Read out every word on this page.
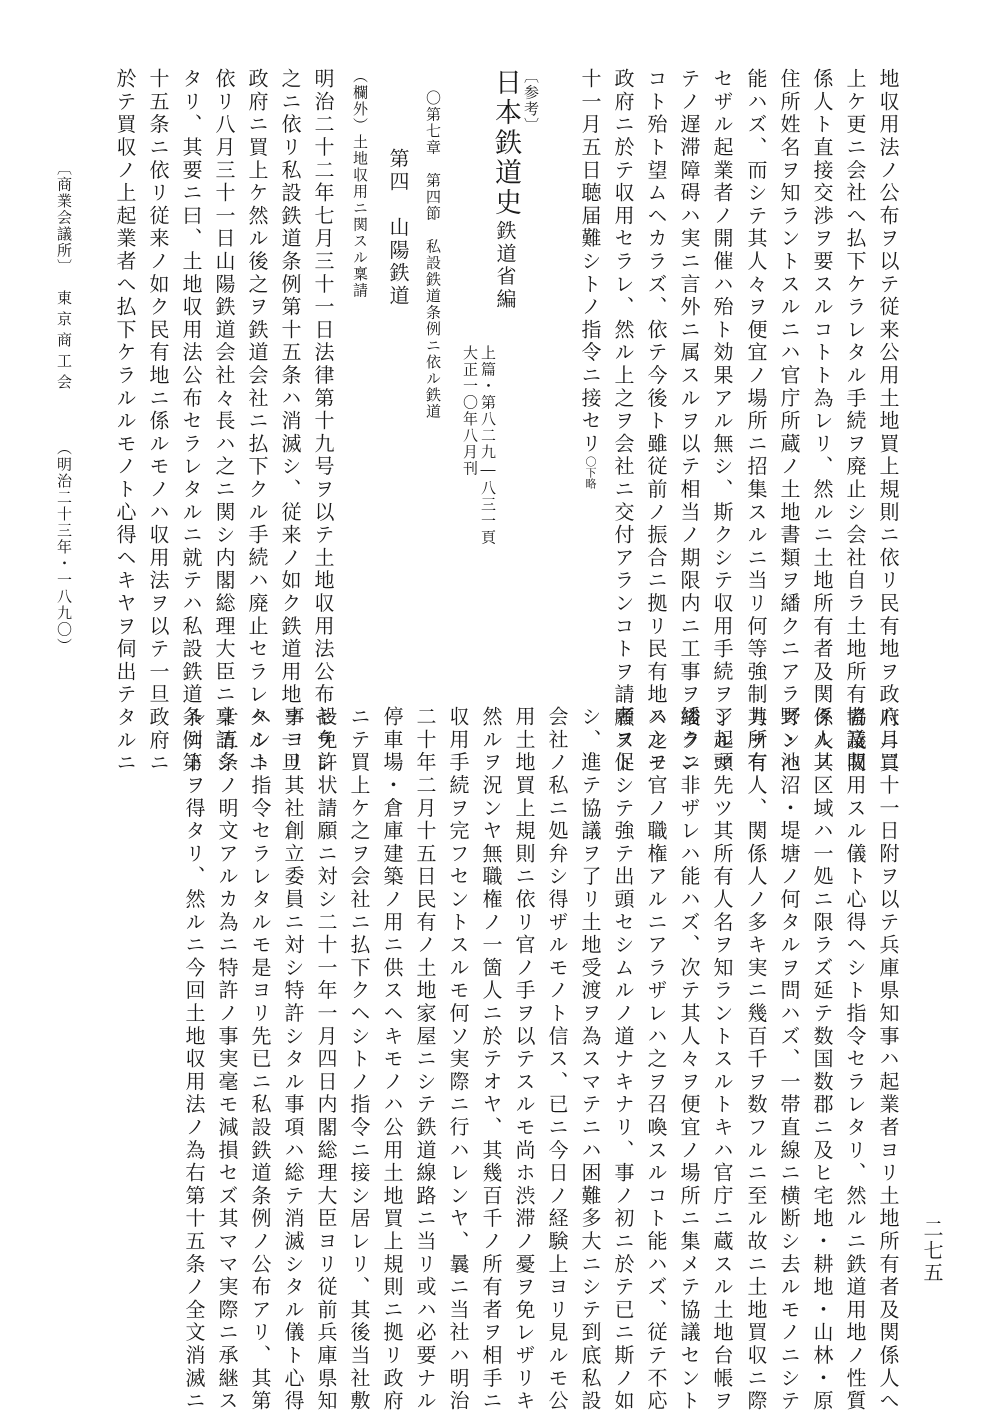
地収用法ノ公布ヲ以テ従来公用土地買上規則ニ依リ民有地ヲ政府ニ買
上ケ更ニ会社へ払下ケラレタル手続ヲ廃止シ会社自ラ土地所有者及関
係人ト直接交渉ヲ要スルコトト為レリ、然ルニ土地所有者及関係人ノ
住所姓名ヲ知ラントスルニハ官庁所蔵ノ土地書類ヲ繙クニアラズンハ
能ハズ、而シテ其人々ヲ便宜ノ場所ニ招集スルニ当リ何等強制力ヲ有
セザル起業者ノ開催ハ殆ト効果アル無シ、斯クシテ収用手続ヲ了ルマ
テノ遅滞障碍ハ実ニ言外ニ属スルヲ以テ相当ノ期限内ニ工事ヲ竣ラン
コト殆ト望ムヘカラズ、依テ今後ト雖従前ノ振合ニ拠リ民有地ハ之ヲ
政府ニ於テ収用セラレ、然ル上之ヲ会社ニ交付アランコトヲ請願スト
十一月五日聴届難シトノ指令ニ接セリ〇下略
〔参考〕
日本鉄道史
鉄道省編
上篇・第八二九―八三一頁
大正一〇年八月刊
〇第七章　第四節　私設鉄道条例ニ依ル鉄道
第四　山陽鉄道
（欄外）土地収用ニ関スル稟請
明治二十二年七月三十一日法律第十九号ヲ以テ土地収用法公布セラレ
之ニ依リ私設鉄道条例第十五条ハ消滅シ、従来ノ如ク鉄道用地ヲ一旦
政府ニ買上ケ然ル後之ヲ鉄道会社ニ払下クル手続ハ廃止セラレタルニ
依リ八月三十一日山陽鉄道会社々長ハ之ニ関シ内閣総理大臣ニ稟請シ
タリ、其要ニ曰、土地収用法公布セラレタルニ就テハ私設鉄道条例第
十五条ニ依リ従来ノ如ク民有地ニ係ルモノハ収用法ヲ以テ一旦政府ニ
於テ買収ノ上起業者へ払下ケラルルモノト心得ヘキヤヲ伺出テタルニ
〔商業会議所〕
東京商工会
（明治二十三年・一八九〇）
八月二十一日附ヲ以テ兵庫県知事ハ起業者ヨリ土地所有者及関係人へ
協議収用スル儀ト心得ヘシト指令セラレタリ、然ルニ鉄道用地ノ性質
タル其区域ハ一処ニ限ラズ延テ数国数郡ニ及ヒ宅地・耕地・山林・原
野・池沼・堤塘ノ何タルヲ問ハズ、一帯直線ニ横断シ去ルモノニシテ
其所有人、関係人ノ多キ実ニ幾百千ヲ数フルニ至ル故ニ土地買収ニ際
シ起頭先ツ其所有人名ヲ知ラントスルトキハ官庁ニ蔵スル土地台帳ヲ
繙クニ非ザレハ能ハズ、次テ其人々ヲ便宜ノ場所ニ集メテ協議セント
スルモ官ノ職権アルニアラザレハ之ヲ召喚スルコト能ハズ、従テ不応
者ヲ促シテ強テ出頭セシムルノ道ナキナリ、事ノ初ニ於テ已ニ斯ノ如
シ、進テ協議ヲ了リ土地受渡ヲ為スマテニハ困難多大ニシテ到底私設
会社ノ私ニ処弁シ得ザルモノト信ス、已ニ今日ノ経験上ヨリ見ルモ公
用土地買上規則ニ依リ官ノ手ヲ以テスルモ尚ホ渋滞ノ憂ヲ免レザリキ
然ルヲ況ンヤ無職権ノ一箇人ニ於テオヤ、其幾百千ノ所有者ヲ相手ニ
収用手続ヲ完フセントスルモ何ソ実際ニ行ハレンヤ、曩ニ当社ハ明治
二十年二月十五日民有ノ土地家屋ニシテ鉄道線路ニ当リ或ハ必要ナル
停車場・倉庫建築ノ用ニ供スヘキモノハ公用土地買上規則ニ拠リ政府
ニテ買上ケ之ヲ会社ニ払下クヘシトノ指令ニ接シ居レリ、其後当社敷
設免許状請願ニ対シ二十一年一月四日内閣総理大臣ヨリ従前兵庫県知
事ヨリ其社創立委員ニ対シ特許シタル事項ハ総テ消滅シタル儀ト心得
ヘシト指令セラレタルモ是ヨリ先已ニ私設鉄道条例ノ公布アリ、其第
十五条ノ明文アルカ為ニ特許ノ事実毫モ減損セズ其ママ実際ニ承継ス
ルコトヲ得タリ、然ルニ今回土地収用法ノ為右第十五条ノ全文消滅ニ	二七五
